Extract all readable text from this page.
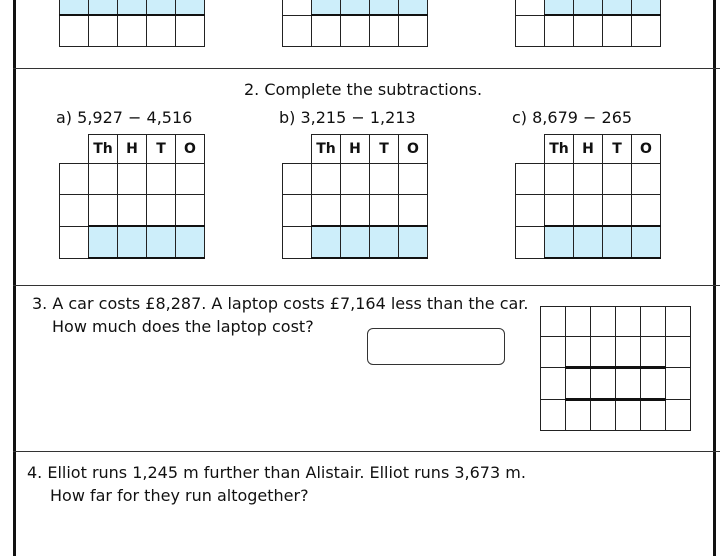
2. Complete the subtractions.
a) 5,927 − 4,516	b) 3,215 − 1,213	c) 8,679 − 265
	Th	H	T	O

		Th	H	T	O

		Th	H	T	O

3. A car costs £8,287. A laptop costs £7,164 less than the car.
How much does the laptop cost?

4. Elliot runs 1,245 m further than Alistair. Elliot runs 3,673 m.
How far for they run altogether?
